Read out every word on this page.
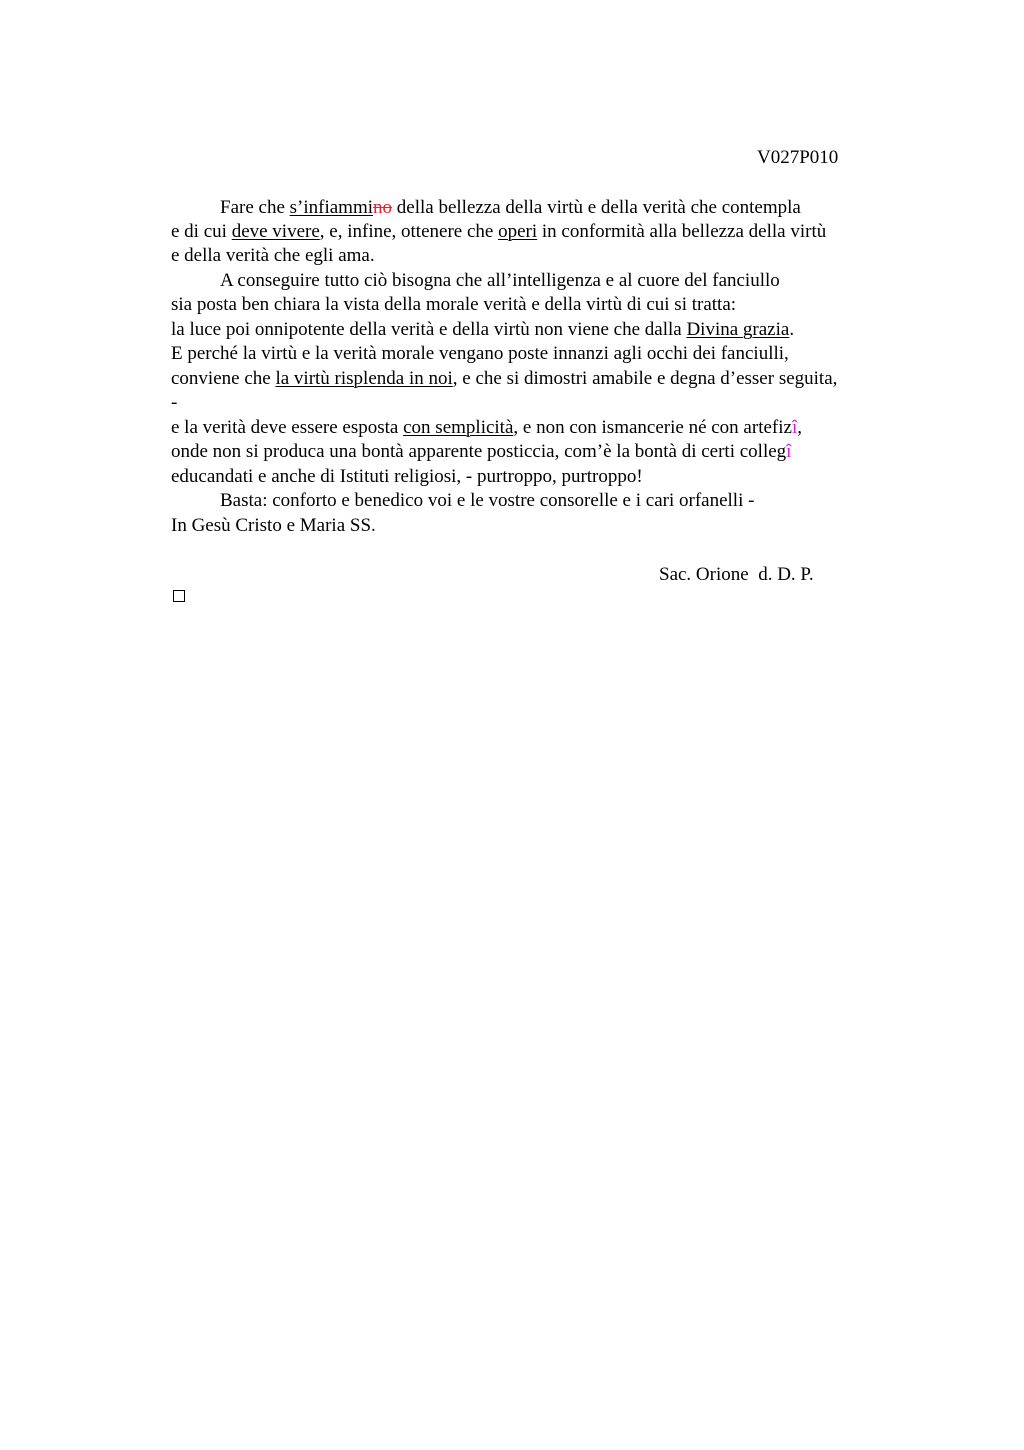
V027P010
Fare che s’infiammino della bellezza della virtù e della verità che contempla
e di cui deve vivere, e, infine, ottenere che operi in conformità alla bellezza della virtù
e della verità che egli ama.
A conseguire tutto ciò bisogna che all’intelligenza e al cuore del fanciullo
sia posta ben chiara la vista della morale verità e della virtù di cui si tratta:
la luce poi onnipotente della verità e della virtù non viene che dalla Divina grazia.
E perché la virtù e la verità morale vengano poste innanzi agli occhi dei fanciulli,
conviene che la virtù risplenda in noi, e che si dimostri amabile e degna d’esser seguita,
-
e la verità deve essere esposta con semplicità, e non con ismancerie né con artefizî,
onde non si produca una bontà apparente posticcia, com’è la bontà di certi collegî
educandati e anche di Istituti religiosi, - purtroppo, purtroppo!
Basta: conforto e benedico voi e le vostre consorelle e i cari orfanelli -
In Gesù Cristo e Maria SS.
Sac. Orione  d. D. P.
